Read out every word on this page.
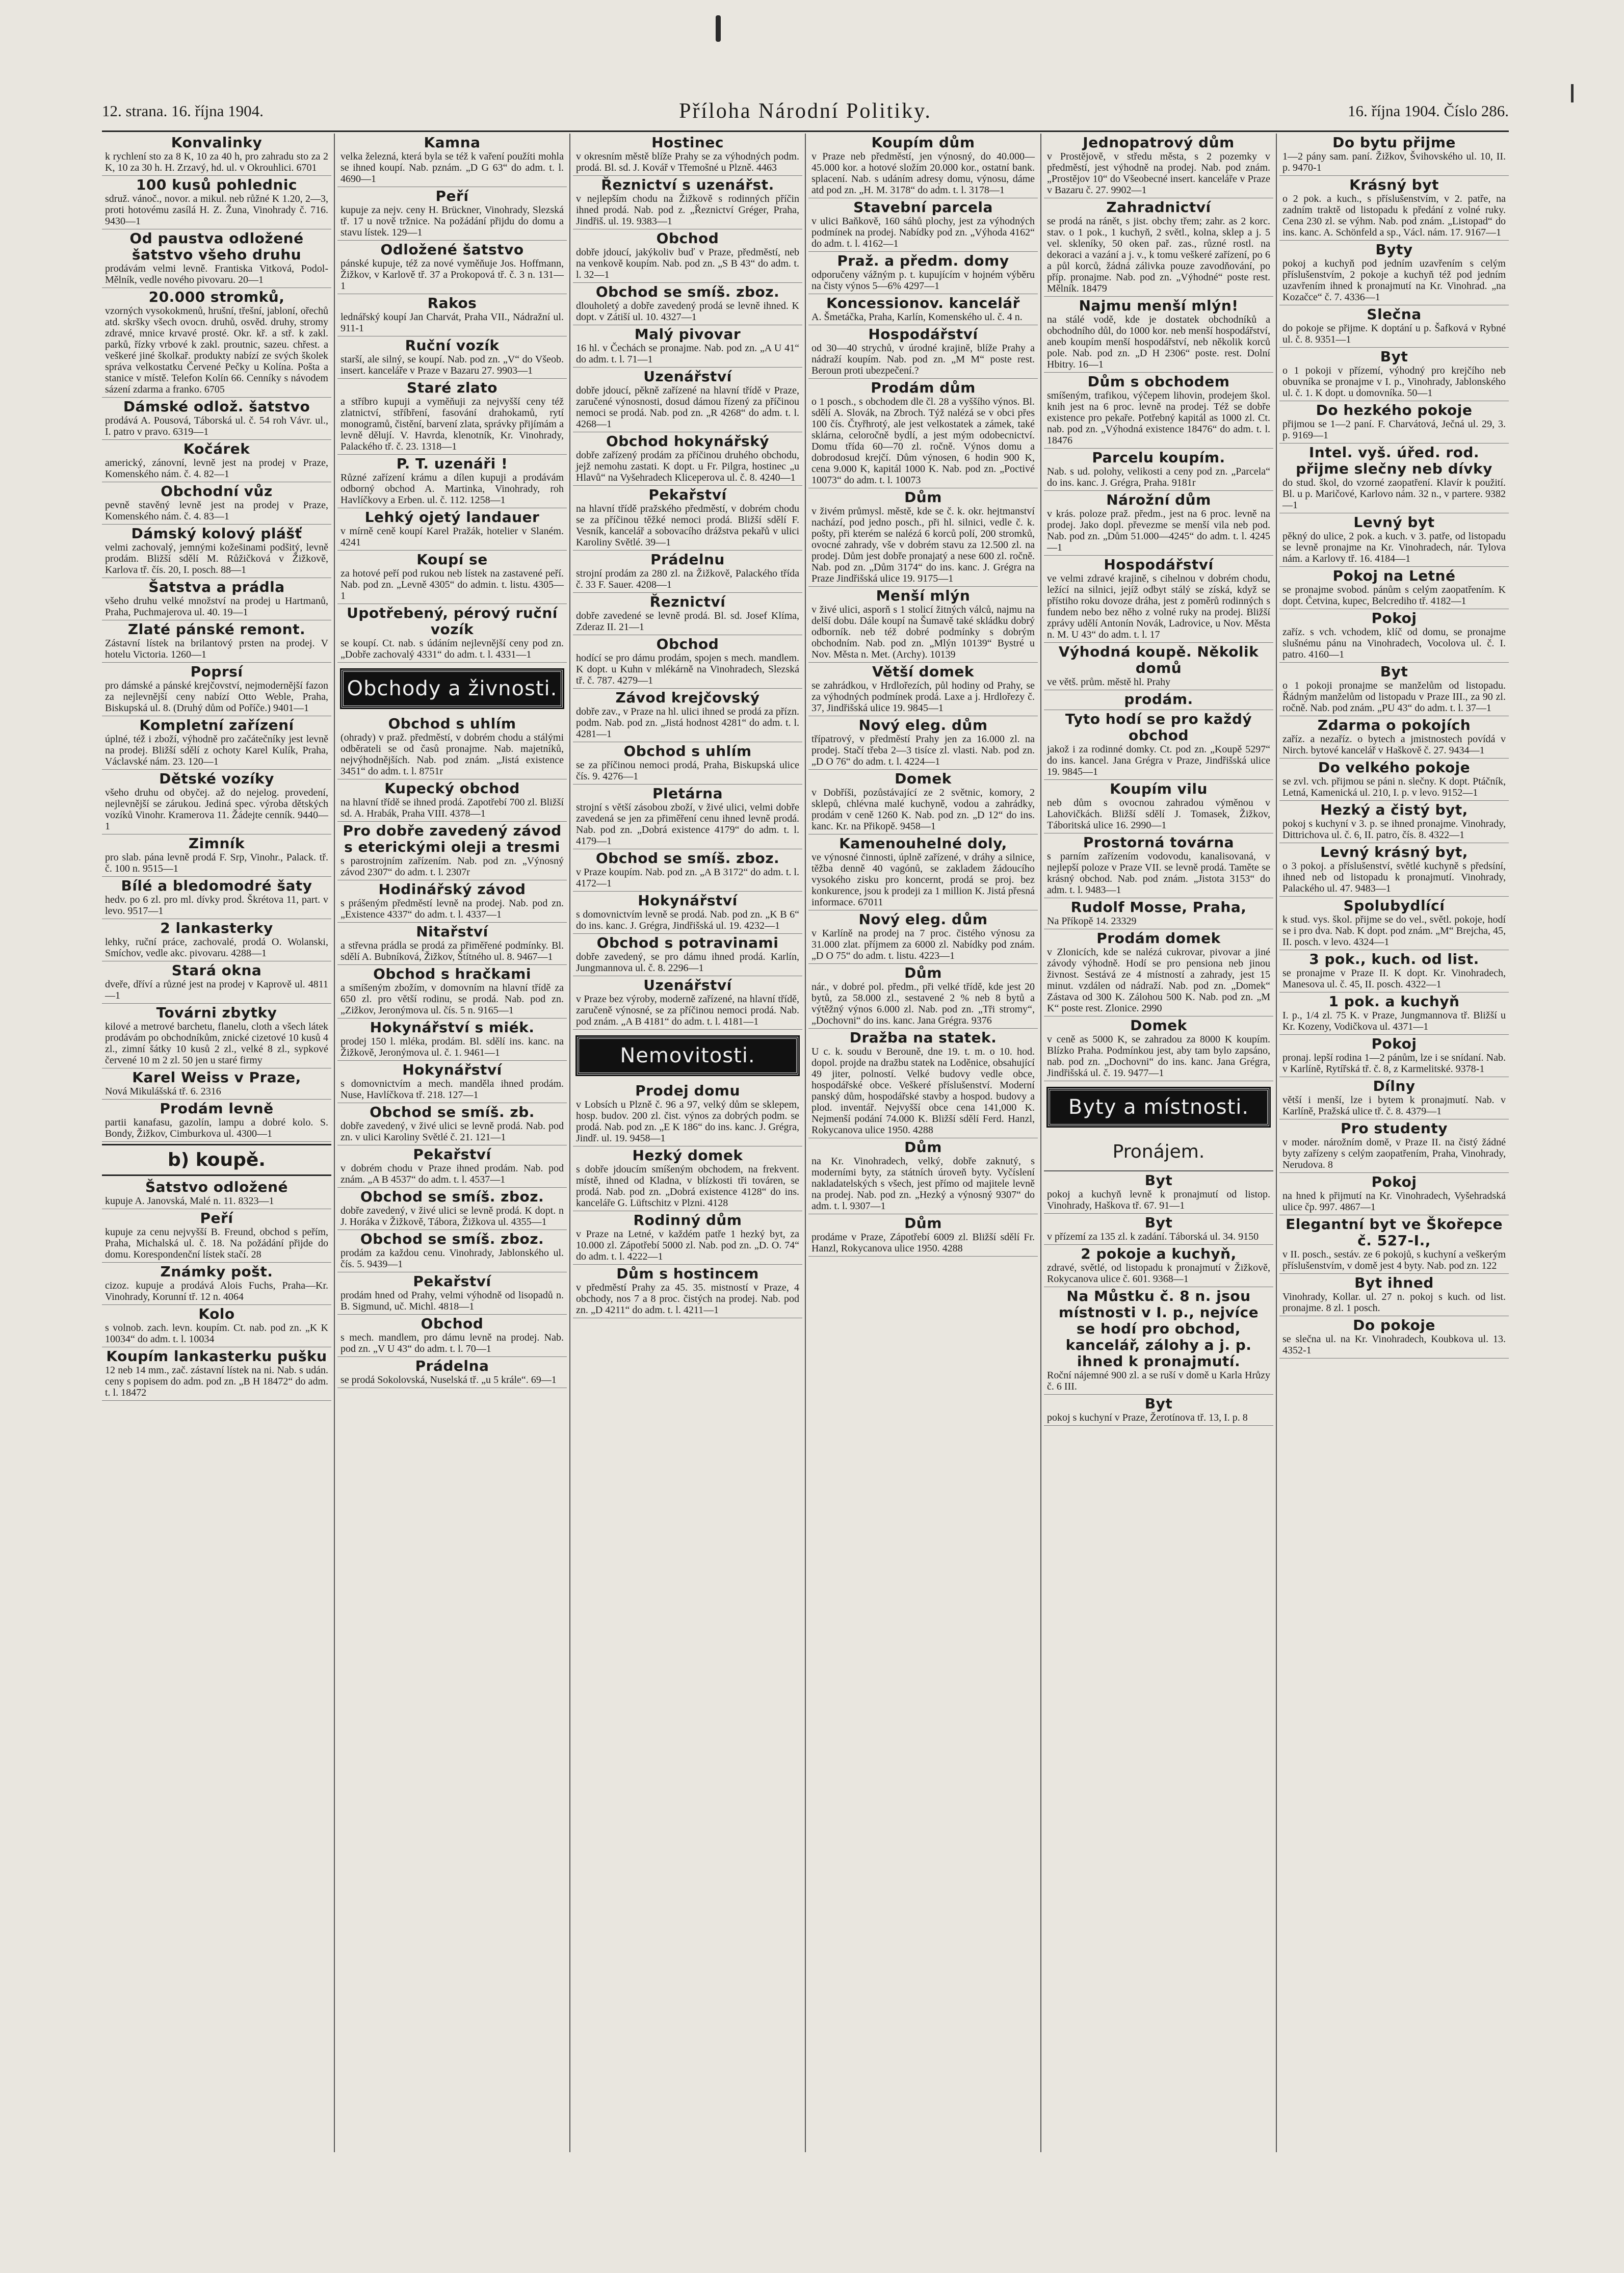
12. strana. 16. října 1904.	Příloha Národní Politiky.	16. října 1904. Číslo 286.
Konvalinky

k rychlení sto za 8 K, 10 za 40 h, pro zahradu sto za 2 K, 10 za 30 h. H. Zrzavý, hd. ul. v Okrouhlici. 6701

100 kusů pohlednic

sdruž. vánoč., novor. a mikul. neb růžné K 1.20, 2—3, proti hotovému zasílá H. Z. Žuna, Vinohrady č. 716. 9430—1

Od paustva odložené šatstvo všeho druhu

prodávám velmi levně. Frantiska Vitková, Podol-Mělník, vedle nového pivovaru. 20—1

20.000 stromků,

vzorných vysokokmenů, hrušní, třešní, jabloní, ořechů atd. skršky všech ovocn. druhů, osvěd. druhy, stromy zdravé, mnice krvavé prosté. Okr. kř. a stř. k zakl. parků, řízky vrbové k zakl. proutnic, sazeu. chřest. a veškeré jiné školkař. produkty nabízí ze svých školek správa velkostatku Červené Pečky u Kolína. Pošta a stanice v místě. Telefon Kolín 66. Cenníky s návodem sázení zdarma a franko. 6705

Dámské odlož. šatstvo

prodává A. Pousová, Táborská ul. č. 54 roh Vávr. ul., I. patro v pravo. 6319—1

Kočárek

americký, zánovní, levně jest na prodej v Praze, Komenského nám. č. 4. 82—1

Obchodní vůz

pevně stavěný levně jest na prodej v Praze, Komenského nám. č. 4. 83—1

Dámský kolový plášť

velmi zachovalý, jemnými kožešinami podšitý, levně prodám. Bližší sdělí M. Růžičková v Žižkově, Karlova tř. čís. 20, I. posch. 88—1

Šatstva a prádla

všeho druhu velké množství na prodej u Hartmanů, Praha, Puchmajerova ul. 40. 19—1

Zlaté pánské remont.

Zástavní lístek na brilantový prsten na prodej. V hotelu Victoria. 1260—1

Poprsí

pro dámské a pánské krejčovství, nejmodernější fazon za nejlevnější ceny nabízí Otto Weble, Praha, Biskupská ul. 8. (Druhý dům od Poříče.) 9401—1

Kompletní zařízení

úplné, též i zboží, výhodně pro začátečníky jest levně na prodej. Bližší sdělí z ochoty Karel Kulík, Praha, Václavské nám. 23. 120—1

Dětské vozíky

všeho druhu od obyčej. až do nejelog. provedení, nejlevnější se zárukou. Jediná spec. výroba dětských vozíků Vinohr. Kramerova 11. Žádejte cenník. 9440—1

Zimník

pro slab. pána levně prodá F. Srp, Vinohr., Palack. tř. č. 100 n. 9515—1

Bílé a bledomodré šaty

hedv. po 6 zl. pro ml. dívky prod. Škrétova 11, part. v levo. 9517—1

2 lankasterky

lehky, ruční práce, zachovalé, prodá O. Wolanski, Smíchov, vedle akc. pivovaru. 4288—1

Stará okna

dveře, dříví a různé jest na prodej v Kaprově ul. 4811—1

Továrni zbytky

kilové a metrové barchetu, flanelu, cloth a všech látek prodávám po obchodníkům, znické cizetové 10 kusů 4 zl., zimní šátky 10 kusů 2 zl., velké 8 zl., sypkové červené 10 m 2 zl. 50 jen u staré firmy

Karel Weiss v Praze,

Nová Mikulášská tř. 6. 2316

Prodám levně

partii kanafasu, gazolín, lampu a dobré kolo. S. Bondy, Žižkov, Cimburkova ul. 4300—1

b) koupě.
Šatstvo odložené

kupuje A. Janovská, Malé n. 11. 8323—1

Peří

kupuje za cenu nejvyšší B. Freund, obchod s peřím, Praha, Michalská ul. č. 18. Na požádání přijde do domu. Korespondenční lístek stačí. 28

Známky pošt.

cizoz. kupuje a prodává Alois Fuchs, Praha—Kr. Vinohrady, Korunní tř. 12 n. 4064

Kolo

s volnob. zach. levn. koupím. Ct. nab. pod zn. „K K 10034“ do adm. t. l. 10034

Koupím lankasterku pušku

12 neb 14 mm., zač. zástavní lístek na ni. Nab. s udán. ceny s popisem do adm. pod zn. „B H 18472“ do adm. t. l. 18472

Kamna

velka železná, která byla se též k vaření použíti mohla se ihned koupí. Nab. pznám. „D G 63“ do adm. t. l. 4690—1

Peří

kupuje za nejv. ceny H. Brückner, Vinohrady, Slezská tř. 17 u nově tržnice. Na požádání přijdu do domu a stavu lístek. 129—1

Odložené šatstvo

pánské kupuje, též za nové vyměňuje Jos. Hoffmann, Žižkov, v Karlově tř. 37 a Prokopová tř. č. 3 n. 131—1

Rakos

lednářský koupí Jan Charvát, Praha VII., Nádražní ul. 911-1

Ruční vozík

starší, ale silný, se koupí. Nab. pod zn. „V“ do Všeob. insert. kanceláře v Praze v Bazaru 27. 9903—1

Staré zlato

a stříbro kupuji a vyměňuji za nejvyšší ceny též zlatnictví, stříbření, fasování drahokamů, rytí monogramů, čistění, barvení zlata, správky přijímám a levně dělují. V. Havrda, klenotník, Kr. Vinohrady, Palackého tř. č. 23. 1318—1

P. T. uzenáři !

Různé zařízení krámu a dílen kupuji a prodávám odborný obchod A. Martinka, Vinohrady, roh Havlíčkovy a Erben. ul. č. 112. 1258—1

Lehký ojetý landauer

v mírně ceně koupí Karel Pražák, hotelier v Slaném. 4241

Koupí se

za hotové peří pod rukou neb lístek na zastavené peří. Nab. pod zn. „Levně 4305“ do admin. t. listu. 4305—1

Upotřebený, pérový ruční vozík

se koupí. Ct. nab. s údáním nejlevnější ceny pod zn. „Dobře zachovalý 4331“ do adm. t. l. 4331—1

Obchody a živnosti.
Obchod s uhlím

(ohrady) v praž. předměstí, v dobrém chodu a stálými odběrateli se od časů pronajme. Nab. majetníků, nejvýhodnějších. Nab. pod znám. „Jistá existence 3451“ do adm. t. l. 8751r

Kupecký obchod

na hlavní třídě se ihned prodá. Zapotřebí 700 zl. Bližší sd. A. Hrabák, Praha VIII. 4378—1

Pro dobře zavedený závod s eterickými oleji a tresmi

s parostrojním zařízením. Nab. pod zn. „Výnosný závod 2307“ do adm. t. l. 2307r

Hodinářský závod

s prášeným předměstí levně na prodej. Nab. pod zn. „Existence 4337“ do adm. t. l. 4337—1

Nitařství

a střevna prádla se prodá za přiměřené podmínky. Bl. sdělí A. Bubníková, Žižkov, Štítného ul. 8. 9467—1

Obchod s hračkami

a smíšeným zbožím, v domovním na hlavní třídě za 650 zl. pro větší rodinu, se prodá. Nab. pod zn. „Zižkov, Jeronýmova ul. čís. 5 n. 9165—1

Hokynářství s miék.

prodej 150 l. mléka, prodám. Bl. sdělí ins. kanc. na Žižkově, Jeronýmova ul. č. 1. 9461—1

Hokynářství

s domovnictvím a mech. manděla ihned prodám. Nuse, Havlíčkova tř. 218. 127—1

Obchod se smíš. zb.

dobře zavedený, v živé ulici se levně prodá. Nab. pod zn. v ulici Karoliny Světlé č. 21. 121—1

Pekařství

v dobrém chodu v Praze ihned prodám. Nab. pod znám. „A B 4537“ do adm. t. l. 4537—1

Obchod se smíš. zboz.

dobře zavedený, v živé ulici se levně prodá. K dopt. n J. Horáka v Žižkově, Tábora, Žižkova ul. 4355—1

Obchod se smíš. zboz.

prodám za každou cenu. Vinohrady, Jablonského ul. čís. 5. 9439—1

Pekařství

prodám hned od Prahy, velmi výhodně od lisopadů n. B. Sigmund, uč. Michl. 4818—1

Obchod

s mech. mandlem, pro dámu levně na prodej. Nab. pod zn. „V U 43“ do adm. t. l. 70—1

Prádelna

se prodá Sokolovská, Nuselská tř. „u 5 krále“. 69—1

Hostinec

v okresním městě blíže Prahy se za výhodných podm. prodá. Bl. sd. J. Kovář v Třemošné u Plzně. 4463

Řeznictví s uzenářst.

v nejlepším chodu na Žižkově s rodinných příčin ihned prodá. Nab. pod z. „Řeznictví Gréger, Praha, Jindřiš. ul. 19. 9383—1

Obchod

dobře jdoucí, jakýkoliv buď v Praze, předměstí, neb na venkově koupím. Nab. pod zn. „S B 43“ do adm. t. l. 32—1

Obchod se smíš. zboz.

dlouholetý a dobře zavedený prodá se levně ihned. K dopt. v Zátiší ul. 10. 4327—1

Malý pivovar

16 hl. v Čechách se pronajme. Nab. pod zn. „A U 41“ do adm. t. l. 71—1

Uzenářství

dobře jdoucí, pěkně zařízené na hlavní třídě v Praze, zaručené výnosnosti, dosud dámou řízený za příčinou nemoci se prodá. Nab. pod zn. „R 4268“ do adm. t. l. 4268—1

Obchod hokynářský

dobře zařízený prodám za příčinou druhého obchodu, jejž nemohu zastati. K dopt. u Fr. Pilgra, hostinec „u Hlavů“ na Vyšehradech Kliceperova ul. č. 8. 4240—1

Pekařství

na hlavní třídě pražského předměstí, v dobrém chodu se za příčinou těžké nemoci prodá. Bližší sdělí F. Vesník, kancelář a sobovacího drážstva pekařů v ulici Karoliny Světlé. 39—1

Prádelnu

strojní prodám za 280 zl. na Žižkově, Palackého třída č. 33 F. Sauer. 4208—1

Řeznictví

dobře zavedené se levně prodá. Bl. sd. Josef Klíma, Zderaz II. 21—1

Obchod

hodící se pro dámu prodám, spojen s mech. mandlem. K dopt. u Kuhn v mlékárně na Vinohradech, Slezská tř. č. 787. 4279—1

Závod krejčovský

dobře zav., v Praze na hl. ulici ihned se prodá za přízn. podm. Nab. pod zn. „Jistá hodnost 4281“ do adm. t. l. 4281—1

Obchod s uhlím

se za příčinou nemoci prodá, Praha, Biskupská ulice čís. 9. 4276—1

Pletárna

strojní s větší zásobou zboží, v živé ulici, velmi dobře zavedená se jen za přiměření cenu ihned levně prodá. Nab. pod zn. „Dobrá existence 4179“ do adm. t. l. 4179—1

Obchod se smíš. zboz.

v Praze koupím. Nab. pod zn. „A B 3172“ do adm. t. l. 4172—1

Hokynářství

s domovnictvím levně se prodá. Nab. pod zn. „K B 6“ do ins. kanc. J. Grégra, Jindřišská ul. 19. 4232—1

Obchod s potravinami

dobře zavedený, se pro dámu ihned prodá. Karlín, Jungmannova ul. č. 8. 2296—1

Uzenářství

v Praze bez výroby, moderně zařízené, na hlavní třídě, zaručeně výnosné, se za příčinou nemoci prodá. Nab. pod znám. „A B 4181“ do adm. t. l. 4181—1

Nemovitosti.
Prodej domu

v Lobsích u Plzně č. 96 a 97, velký dům se sklepem, hosp. budov. 200 zl. čist. výnos za dobrých podm. se prodá. Nab. pod zn. „E K 186“ do ins. kanc. J. Grégra, Jindř. ul. 19. 9458—1

Hezký domek

s dobře jdoucím smíšeným obchodem, na frekvent. místě, ihned od Kladna, v blízkosti tři továren, se prodá. Nab. pod zn. „Dobrá existence 4128“ do ins. kanceláře G. Lüftschitz v Plzni. 4128

Rodinný dům

v Praze na Letné, v každém patře 1 hezký byt, za 10.000 zl. Zápotřebí 5000 zl. Nab. pod zn. „D. O. 74“ do adm. t. l. 4222—1

Dům s hostincem

v předměstí Prahy za 45. 35. mistností v Praze, 4 obchody, nos 7 a 8 proc. čistých na prodej. Nab. pod zn. „D 4211“ do adm. t. l. 4211—1

Koupím dům

v Praze neb předměstí, jen výnosný, do 40.000—45.000 kor. a hotové složím 20.000 kor., ostatní bank. splacení. Nab. s udáním adresy domu, výnosu, dáme atd pod zn. „H. M. 3178“ do adm. t. l. 3178—1

Stavební parcela

v ulici Baňkově, 160 sáhů plochy, jest za výhodných podmínek na prodej. Nabídky pod zn. „Výhoda 4162“ do adm. t. l. 4162—1

Praž. a předm. domy

odporučeny vážným p. t. kupujícím v hojném výběru na čisty výnos 5—6% 4297—1

Koncessionov. kancelář

A. Šmetáčka, Praha, Karlín, Komenského ul. č. 4 n.

Hospodářství

od 30—40 strychů, v úrodné krajině, blíže Prahy a nádraží koupím. Nab. pod zn. „M M“ poste rest. Beroun proti ubezpečení.?

Prodám dům

o 1 posch., s obchodem dle čl. 28 a vyššího výnos. Bl. sdělí A. Slovák, na Zbroch. Týž nalézá se v obci přes 100 čís. Čtyřhrotý, ale jest velkostatek a zámek, také sklárna, celoročně bydlí, a jest mým odobecnictví. Domu třída 60—70 zl. ročně. Výnos domu a dobrodosud krejčí. Dům výnosen, 6 hodin 900 K, cena 9.000 K, kapitál 1000 K. Nab. pod zn. „Poctivé 10073“ do adm. t. l. 10073

Dům

v živém průmysl. městě, kde se č. k. okr. hejtmanství nachází, pod jedno posch., při hl. silnici, vedle č. k. pošty, při kterém se nalézá 6 korců polí, 200 stromků, ovocné zahrady, vše v dobrém stavu za 12.500 zl. na prodej. Dům jest dobře pronajatý a nese 600 zl. ročně. Nab. pod zn. „Dům 3174“ do ins. kanc. J. Grégra na Praze Jindřišská ulice 19. 9175—1

Menší mlýn

v živé ulici, asporň s 1 stolicí žitných válců, najmu na delší dobu. Dále koupí na Šumavě také skládku dobrý odborník. neb též dobré podmínky s dobrým obchodním. Nab. pod zn. „Mlýn 10139“ Bystré u Nov. Města n. Met. (Archy). 10139

Větší domek

se zahrádkou, v Hrdlořezích, půl hodiny od Prahy, se za výhodných podmínek prodá. Laxe a j. Hrdlořezy č. 37, Jindřišská ulice 19. 9845—1

Nový eleg. dům

třípatrový, v předměstí Prahy jen za 16.000 zl. na prodej. Stačí třeba 2—3 tisíce zl. vlasti. Nab. pod zn. „D O 76“ do adm. t. l. 4224—1

Domek

v Dobříši, pozůstávající ze 2 světnic, komory, 2 sklepů, chlévna malé kuchyně, vodou a zahrádky, prodám v ceně 1260 K. Nab. pod zn. „D 12“ do ins. kanc. Kr. na Přikopě. 9458—1

Kamenouhelné doly,

ve výnosné činnosti, úplně zařízené, v dráhy a silnice, těžba denně 40 vagónů, se zakladem žádoucího vysokého zisku pro koncernt, prodá se proj. bez konkurence, jsou k prodeji za 1 million K. Jistá přesná informace. 67011

Nový eleg. dům

v Karlíně na prodej na 7 proc. čistého výnosu za 31.000 zlat. příjmem za 6000 zl. Nabídky pod znám. „D O 75“ do adm. t. listu. 4223—1

Dům

nár., v dobré pol. předm., při velké třídě, kde jest 20 bytů, za 58.000 zl., sestavené 2 % neb 8 bytů a výtěžný výnos 6.000 zl. Nab. pod zn. „Tři stromy“, „Dochovni“ do ins. kanc. Jana Grégra. 9376

Dražba na statek.

U c. k. soudu v Berouně, dne 19. t. m. o 10. hod. dopol. projde na dražbu statek na Loděnice, obsahující 49 jiter, polností. Velké budovy vedle obce, hospodářské obce. Veškeré příslušenství. Moderní panský dům, hospodářské stavby a hospod. budovy a plod. inventář. Nejvyšší obce cena 141,000 K. Nejmenší podání 74.000 K. Bližší sdělí Ferd. Hanzl, Rokycanova ulice 1950. 4288

Dům

na Kr. Vinohradech, velký, dobře zaknutý, s moderními byty, za státních úroveň byty. Vyčíslení nakladatelských s všech, jest přímo od majitele levně na prodej. Nab. pod zn. „Hezký a výnosný 9307“ do adm. t. l. 9307—1

Dům

prodáme v Praze, Zápotřebí 6009 zl. Bližší sdělí Fr. Hanzl, Rokycanova ulice 1950. 4288

Jednopatrový dům

v Prostějově, v středu města, s 2 pozemky v předměstí, jest výhodně na prodej. Nab. pod znám. „Prostějov 10“ do Všeobecné insert. kanceláře v Praze v Bazaru č. 27. 9902—1

Zahradnictví

se prodá na ránět, s jist. obchy třem; zahr. as 2 korc. stav. o 1 pok., 1 kuchyň, 2 světl., kolna, sklep a j. 5 vel. skleníky, 50 oken pař. zas., různé rostl. na dekoraci a vazání a j. v., k tomu veškeré zařízení, po 6 a půl korců, žádná zálivka pouze zavodňování, po příp. pronajme. Nab. pod zn. „Výhodné“ poste rest. Mělník. 18479

Najmu menší mlýn!

na stálé vodě, kde je dostatek obchodníků a obchodního důl, do 1000 kor. neb menší hospodářství, aneb koupím menší hospodářství, neb několik korců pole. Nab. pod zn. „D H 2306“ poste. rest. Dolní Hbitry. 16—1

Dům s obchodem

smíšeným, trafikou, výčepem lihovin, prodejem škol. knih jest na 6 proc. levně na prodej. Též se dobře existence pro pekaře. Potřebný kapitál as 1000 zl. Ct. nab. pod zn. „Výhodná existence 18476“ do adm. t. l. 18476

Parcelu koupím.

Nab. s ud. polohy, velikosti a ceny pod zn. „Parcela“ do ins. kanc. J. Grégra, Praha. 9181r

Nárožní dům

v krás. poloze praž. předm., jest na 6 proc. levně na prodej. Jako dopl. převezme se menší vila neb pod. Nab. pod zn. „Dům 51.000—4245“ do adm. t. l. 4245—1

Hospodářství

ve velmi zdravé krajině, s cihelnou v dobrém chodu, ležící na silnici, jejíž odbyt stálý se získá, když se přístiho roku dovoze dráha, jest z poměrů rodinných s fundem nebo bez něho z volné ruky na prodej. Bližší zprávy udělí Antonín Novák, Ladrovice, u Nov. Města n. M. U 43“ do adm. t. l. 17

Výhodná koupě. Několik domů

ve větš. prům. městě hl. Prahy

prodám.
Tyto hodí se pro každý obchod

jakož i za rodinné domky. Ct. pod zn. „Koupě 5297“ do ins. kancel. Jana Grégra v Praze, Jindřišská ulice 19. 9845—1

Koupím vilu

neb dům s ovocnou zahradou výměnou v Lahovičkách. Bližší sdělí J. Tomasek, Žižkov, Táboritská ulice 16. 2990—1

Prostorná továrna

s parním zařízením vodovodu, kanalisovaná, v nejlepší poloze v Praze VII. se levně prodá. Taměte se krásný obchod. Nab. pod znám. „Jistota 3153“ do adm. t. l. 9483—1

Rudolf Mosse, Praha,

Na Příkopě 14. 23329

Prodám domek

v Zlonicích, kde se nalézá cukrovar, pivovar a jiné závody výhodně. Hodí se pro pensiona neb jinou živnost. Sestává ze 4 místností a zahrady, jest 15 minut. vzdálen od nádraží. Nab. pod zn. „Domek“ Zástava od 300 K. Zálohou 500 K. Nab. pod zn. „M K“ poste rest. Zlonice. 2990

Domek

v ceně as 5000 K, se zahradou za 8000 K koupím. Blízko Praha. Podmínkou jest, aby tam bylo zapsáno, nab. pod zn. „Dochovni“ do ins. kanc. Jana Grégra, Jindřišská ul. č. 19. 9477—1

Byty a místnosti.
Pronájem.
Byt

pokoj a kuchyň levně k pronajmutí od listop. Vinohrady, Haškova tř. 67. 91—1

Byt

v přízemí za 135 zl. k zadání. Táborská ul. 34. 9150

2 pokoje a kuchyň,

zdravé, světlé, od listopadu k pronajmutí v Žižkově, Rokycanova ulice č. 601. 9368—1

Na Můstku č. 8 n. jsou místnosti v I. p., nejvíce se hodí pro obchod, kancelář, zálohy a j. p. ihned k pronajmutí.

Roční nájemné 900 zl. a se ruší v domě u Karla Hrůzy č. 6 III.

Byt

pokoj s kuchyní v Praze, Žerotínova tř. 13, I. p. 8

Do bytu přijme

1—2 pány sam. paní. Žižkov, Švihovského ul. 10, II. p. 9470-1

Krásný byt

o 2 pok. a kuch., s příslušenstvím, v 2. patře, na zadním traktě od listopadu k předání z volné ruky. Cena 230 zl. se výhm. Nab. pod znám. „Listopad“ do ins. kanc. A. Schönfeld a sp., Václ. nám. 17. 9167—1

Byty

pokoj a kuchyň pod jedním uzavřením s celým příslušenstvím, 2 pokoje a kuchyň též pod jedním uzavřením ihned k pronajmutí na Kr. Vinohrad. „na Kozačce“ č. 7. 4336—1

Slečna

do pokoje se přijme. K doptání u p. Šafková v Rybné ul. č. 8. 9351—1

Byt

o 1 pokoji v přízemí, výhodný pro krejčího neb obuvníka se pronajme v I. p., Vinohrady, Jablonského ul. č. 1. K dopt. u domovníka. 50—1

Do hezkého pokoje

přijmou se 1—2 paní. F. Charvátová, Ječná ul. 29, 3. p. 9169—1

Intel. vyš. úřed. rod. přijme slečny neb dívky

do stud. škol, do vzorné zaopatření. Klavír k použití. Bl. u p. Maričové, Karlovo nám. 32 n., v partere. 9382—1

Levný byt

pěkný do ulice, 2 pok. a kuch. v 3. patře, od listopadu se levně pronajme na Kr. Vinohradech, nár. Tylova nám. a Karlovy tř. 16. 4184—1

Pokoj na Letné

se pronajme svobod. pánům s celým zaopatřením. K dopt. Četvina, kupec, Belcrediho tř. 4182—1

Pokoj

zaříz. s vch. vchodem, klíč od domu, se pronajme slušnému pánu na Vinohradech, Vocolova ul. č. I. patro. 4160—1

Byt

o 1 pokoji pronajme se manželům od listopadu. Řádným manželům od listopadu v Praze III., za 90 zl. ročně. Nab. pod znám. „PU 43“ do adm. t. l. 37—1

Zdarma o pokojích

zaříz. a nezaříz. o bytech a jmistnostech povídá v Nirch. bytové kancelář v Haškově č. 27. 9434—1

Do velkého pokoje

se zvl. vch. přijmou se páni n. slečny. K dopt. Ptáčník, Letná, Kamenická ul. 210, I. p. v levo. 9152—1

Hezký a čistý byt,

pokoj s kuchyní v 3. p. se ihned pronajme. Vinohrady, Dittrichova ul. č. 6, II. patro, čís. 8. 4322—1

Levný krásný byt,

o 3 pokoj. a příslušenství, světlé kuchyně s předsíní, ihned neb od listopadu k pronajmutí. Vinohrady, Palackého ul. 47. 9483—1

Spolubydlící

k stud. vys. škol. přijme se do vel., světl. pokoje, hodí se i pro dva. Nab. K dopt. pod znám. „M“ Brejcha, 45, II. posch. v levo. 4324—1

3 pok., kuch. od list.

se pronajme v Praze II. K dopt. Kr. Vinohradech, Manesova ul. č. 45, II. posch. 4322—1

1 pok. a kuchyň

I. p., 1/4 zl. 75 K. v Praze, Jungmannova tř. Bližší u Kr. Kozeny, Vodičkova ul. 4371—1

Pokoj

pronaj. lepší rodina 1—2 pánům, lze i se snídaní. Nab. v Karlíně, Rytířská tř. č. 8, z Karmelitské. 9378-1

Dílny

větší i menší, lze i bytem k pronajmutí. Nab. v Karlíně, Pražská ulice tř. č. 8. 4379—1

Pro studenty

v moder. nárožním domě, v Praze II. na čistý žádné byty zařízeny s celým zaopatřením, Praha, Vinohrady, Nerudova. 8

Pokoj

na hned k přijmutí na Kr. Vinohradech, Vyšehradská ulice čp. 997. 4867—1

Elegantní byt ve Škořepce č. 527-I.,

v II. posch., sestáv. ze 6 pokojů, s kuchyní a veškerým příslušenstvím, v domě jest 4 byty. Nab. pod zn. 122

Byt ihned

Vinohrady, Kollar. ul. 27 n. pokoj s kuch. od list. pronajme. 8 zl. 1 posch.

Do pokoje

se slečna ul. na Kr. Vinohradech, Koubkova ul. 13. 4352-1
